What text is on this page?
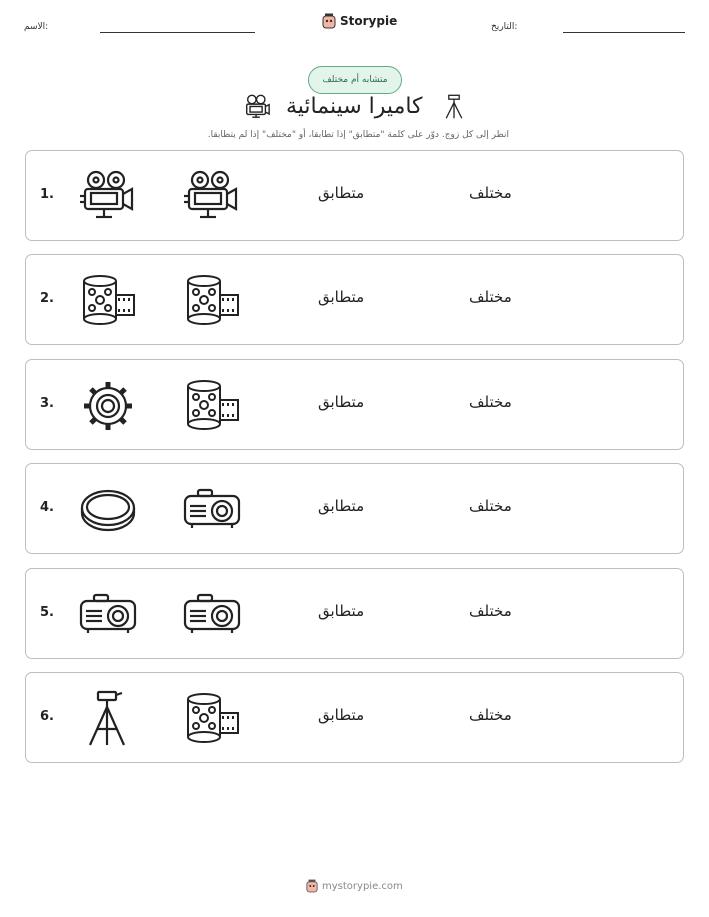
الاسم:	Storypie	التاريخ:
متشابه أم مختلف
كاميرا سينمائية
انظر إلى كل زوج. دوّر على كلمة "متطابق" إذا تطابقا، أو "مختلف" إذا لم يتطابقا.
1.	متطابق	مختلف
2.	متطابق	مختلف
3.	متطابق	مختلف
4.	متطابق	مختلف
5.	متطابق	مختلف
6.	متطابق	مختلف
mystorypie.com
